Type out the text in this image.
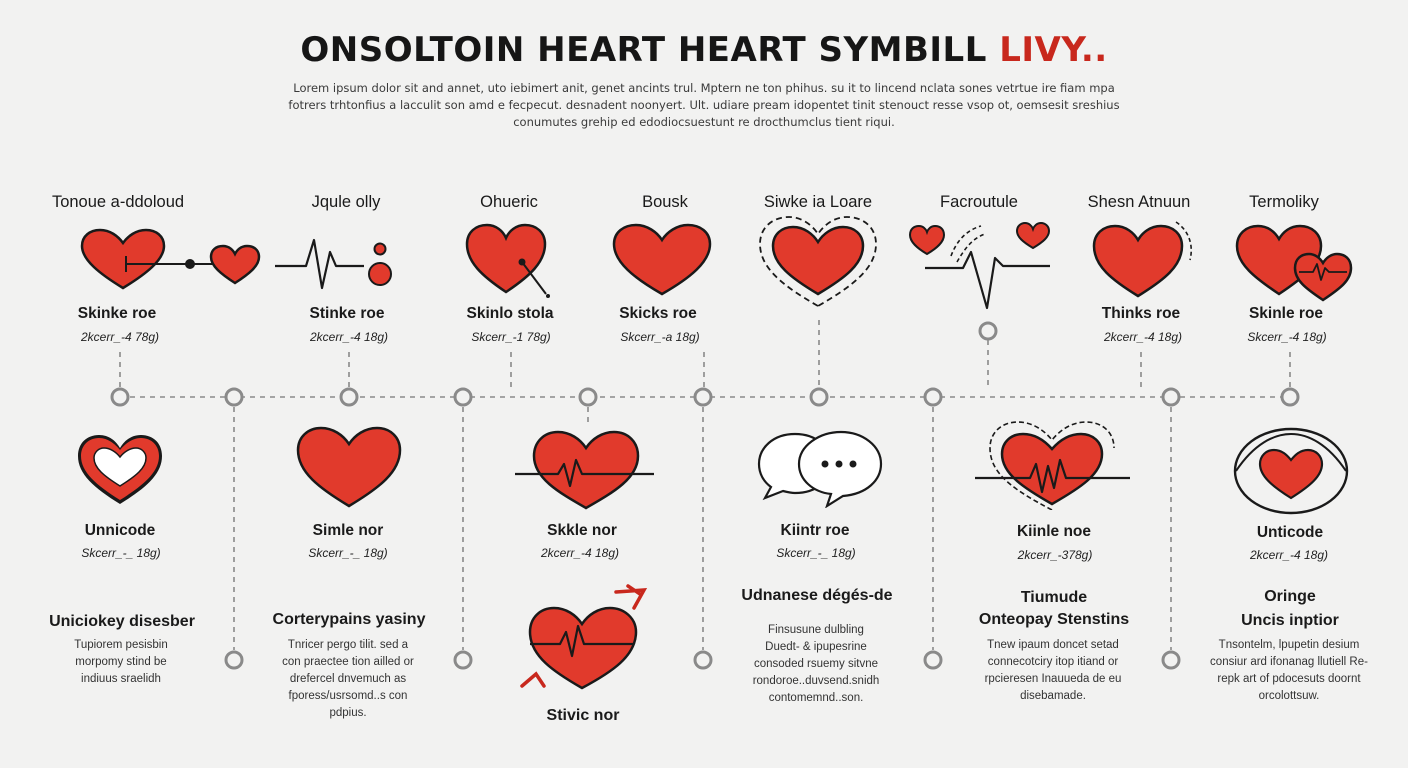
ONSOLTOIN HEART HEART SYMBILL LIVY..
Lorem ipsum dolor sit and annet, uto iebimert anit, genet ancints trul. Mptern ne ton phihus. su it to lincend nclata sones vetrtue ire fiam mpa
fotrers trhtonfius a lacculit son amd e fecpecut. desnadent noonyert. Ult. udiare pream idopentet tinit stenouct resse vsop ot, oemsesit sreshius
conumutes grehip ed edodiocsuestunt re drocthumclus tient riqui.
Tonoue a-ddoloud	Jqule olly	Ohueric	Bousk	Siwke ia Loare	Facroutule	Shesn Atnuun	Termoliky
Skinke roe	Stinke roe	Skinlo stola	Skicks roe	Thinks roe	Skinle roe
2kcerr_-4 78g)	2kcerr_-4 18g)	Skcerr_-1 78g)	Skcerr_-a 18g)	2kcerr_-4 18g)	Skcerr_-4 18g)
Unnicode	Simle nor	Skkle nor	Kiintr roe	Kiinle noe	Unticode
Skcerr_-_ 18g)	Skcerr_-_ 18g)	2kcerr_-4 18g)	Skcerr_-_ 18g)	2kcerr_-378g)	2kcerr_-4 18g)
Uniciokey disesber	Corterypains yasiny
Udnanese dégés-de	Tiumude
Onteopay Stenstins
Oringe
Uncis inptior
Stivic nor
Tupiorem pesisbin
morpomy stind be
indiuus sraelidh
Tnricer pergo tilit. sed a
con praectee tion ailled or
drefercel dnvemuch as
fporess/usrsomd..s con
pdpius.
Finsusune dulbling
Duedt- & ipupesrine
consoded rsuemy sitvne
rondoroe..duvsend.snidh
contomemnd..son.
Tnew ipaum doncet setad
connecotciry itop itiand or
rpcieresen Inauueda de eu
disebamade.
Tnsontelm, lpupetin desium
consiur ard ifonanag llutiell Re-
repk art of pdocesuts doornt
orcolottsuw.
